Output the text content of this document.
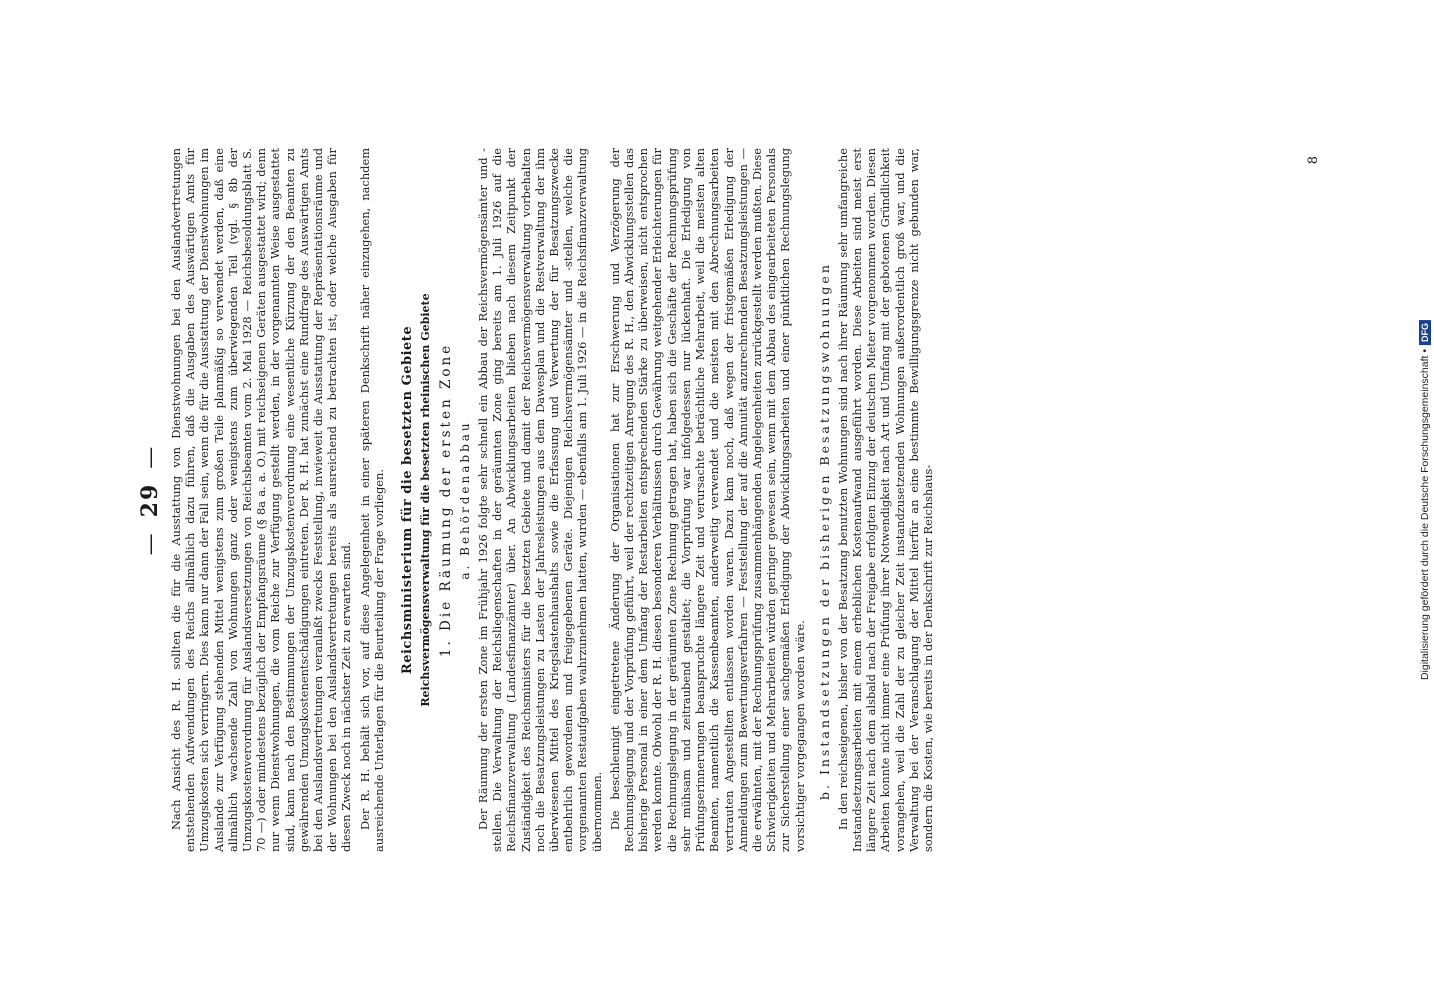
—29— Nach Ansicht des R. H. sollten die für die Ausstattung von Dienstwohnungen bei den Auslandvertretungen entstehenden Aufwendungen des Reichs allmählich dazu führen, daß die Ausgaben des Auswärtigen Amts für Umzugskosten sich verringern. Dies kann nur dann der Fall sein, wenn die für die Ausstattung der Dienstwohnungen im Auslande zur Verfügung stehenden Mittel wenigstens zum großen Teile planmäßig so verwendet werden, daß eine allmählich wachsende Zahl von Wohnungen ganz oder wenigstens zum überwiegenden Teil (vgl. § 8b der Umzugskostenverordnung für Auslandsversetzungen von Reichsbeamten vom 2. Mai 1928 — Reichsbesoldungsblatt S. 70 —) oder mindestens bezüglich der Empfangsräume (§ 8a a. a. O.) mit reichseigenen Geräten ausgestattet wird; denn nur wenn Dienstwohnungen, die vom Reiche zur Verfügung gestellt werden, in der vorgenannten Weise ausgestattet sind, kann nach den Bestimmungen der Umzugskostenverordnung eine wesentliche Kürzung der den Beamten zu gewährenden Umzugskostenentschädigungen eintreten. Der R. H. hat zunächst eine Rundfrage des Auswärtigen Amts bei den Auslandsvertretungen veranlaßt zwecks Feststellung, inwieweit die Ausstattung der Repräsentationsräume und der Wohnungen bei den Auslandsvertretungen bereits als ausreichend zu betrachten ist, oder welche Ausgaben für diesen Zweck noch in nächster Zeit zu erwarten sind. Der R. H. behält sich vor, auf diese Angelegenheit in einer späteren Denkschrift näher einzugehen, nachdem ausreichende Unterlagen für die Beurteilung der Frage vorliegen. Reichsministerium für die besetzten Gebiete Reichsvermögensverwaltung für die besetzten rheinischen Gebiete 1. Die Räumung der ersten Zone a. Behördenabbau Der Räumung der ersten Zone im Frühjahr 1926 folgte sehr schnell ein Abbau der Reichsvermögensämter und -stellen. Die Verwaltung der Reichsliegenschaften in der geräumten Zone ging bereits am 1. Juli 1926 auf die Reichsfinanzverwaltung (Landesfinanzämter) über. An Abwicklungsarbeiten blieben nach diesem Zeitpunkt der Zuständigkeit des Reichsministers für die besetzten Gebiete und damit der Reichsvermögensverwaltung vorbehalten noch die Besatzungsleistungen zu Lasten der Jahresleistungen aus dem Dawesplan und die Restverwaltung der ihm überwiesenen Mittel des Kriegslastenhaushalts sowie die Erfassung und Verwertung der für Besatzungszwecke entbehrlich gewordenen und freigegebenen Geräte. Diejenigen Reichsvermögensämter und -stellen, welche die vorgenannten Restaufgaben wahrzunehmen hatten, wurden — ebenfalls am 1. Juli 1926 — in die Reichsfinanzverwaltung übernommen. Die beschleunigt eingetretene Änderung der Organisationen hat zur Erschwerung und Verzögerung der Rechnungslegung und der Vorprüfung geführt, weil der rechtzeitigen Anregung des R. H., den Abwicklungsstellen das bisherige Personal in einer dem Umfang der Restarbeiten entsprechenden Stärke zu überweisen, nicht entsprochen werden konnte. Obwohl der R. H. diesen besonderen Verhältnissen durch Gewährung weitgehender Erleichterungen für die Rechnungslegung in der geräumten Zone Rechnung getragen hat, haben sich die Geschäfte der Rechnungsprüfung sehr mühsam und zeitraubend gestaltet; die Vorprüfung war infolgedessen nur lückenhaft. Die Erledigung von Prüfungserinnerungen beanspruchte längere Zeit und verursachte beträchtliche Mehrarbeit, weil die meisten alten Beamten, namentlich die Kassenbeamten, anderweitig verwendet und die meisten mit den Abrechnungsarbeiten vertrauten Angestellten entlassen worden waren. Dazu kam noch, daß wegen der fristgemäßen Erledigung der Anmeldungen zum Bewertungsverfahren — Feststellung der auf die Annuität anzurechnenden Besatzungsleistungen — die erwähnten, mit der Rechnungsprüfung zusammenhängenden Angelegenheiten zurückgestellt werden mußten. Diese Schwierigkeiten und Mehrarbeiten würden geringer gewesen sein, wenn mit dem Abbau des eingearbeiteten Personals zur Sicherstellung einer sachgemäßen Erledigung der Abwicklungsarbeiten und einer pünktlichen Rechnungslegung vorsichtiger vorgegangen worden wäre. b. Instandsetzungen der bisherigen Besatzungswohnungen In den reichseigenen, bisher von der Besatzung benutzten Wohnungen sind nach ihrer Räumung sehr umfangreiche Instandsetzungsarbeiten mit einem erheblichen Kostenaufwand ausgeführt worden. Diese Arbeiten sind meist erst längere Zeit nach dem alsbald nach der Freigabe erfolgten Einzug der deutschen Mieter vorgenommen worden. Diesen Arbeiten konnte nicht immer eine Prüfung ihrer Notwendigkeit nach Art und Umfang mit der gebotenen Gründlichkeit vorangehen, weil die Zahl der zu gleicher Zeit instandzusetzenden Wohnungen außerordentlich groß war, und die Verwaltung bei der Veranschlagung der Mittel hierfür an eine bestimmte Bewilligungsgrenze nicht gebunden war, sondern die Kosten, wie bereits in der Denkschrift zur Reichshaus-

8
Digitalisierung gefördert durch die Deutsche Forschungsgemeinschaft •
DFG
